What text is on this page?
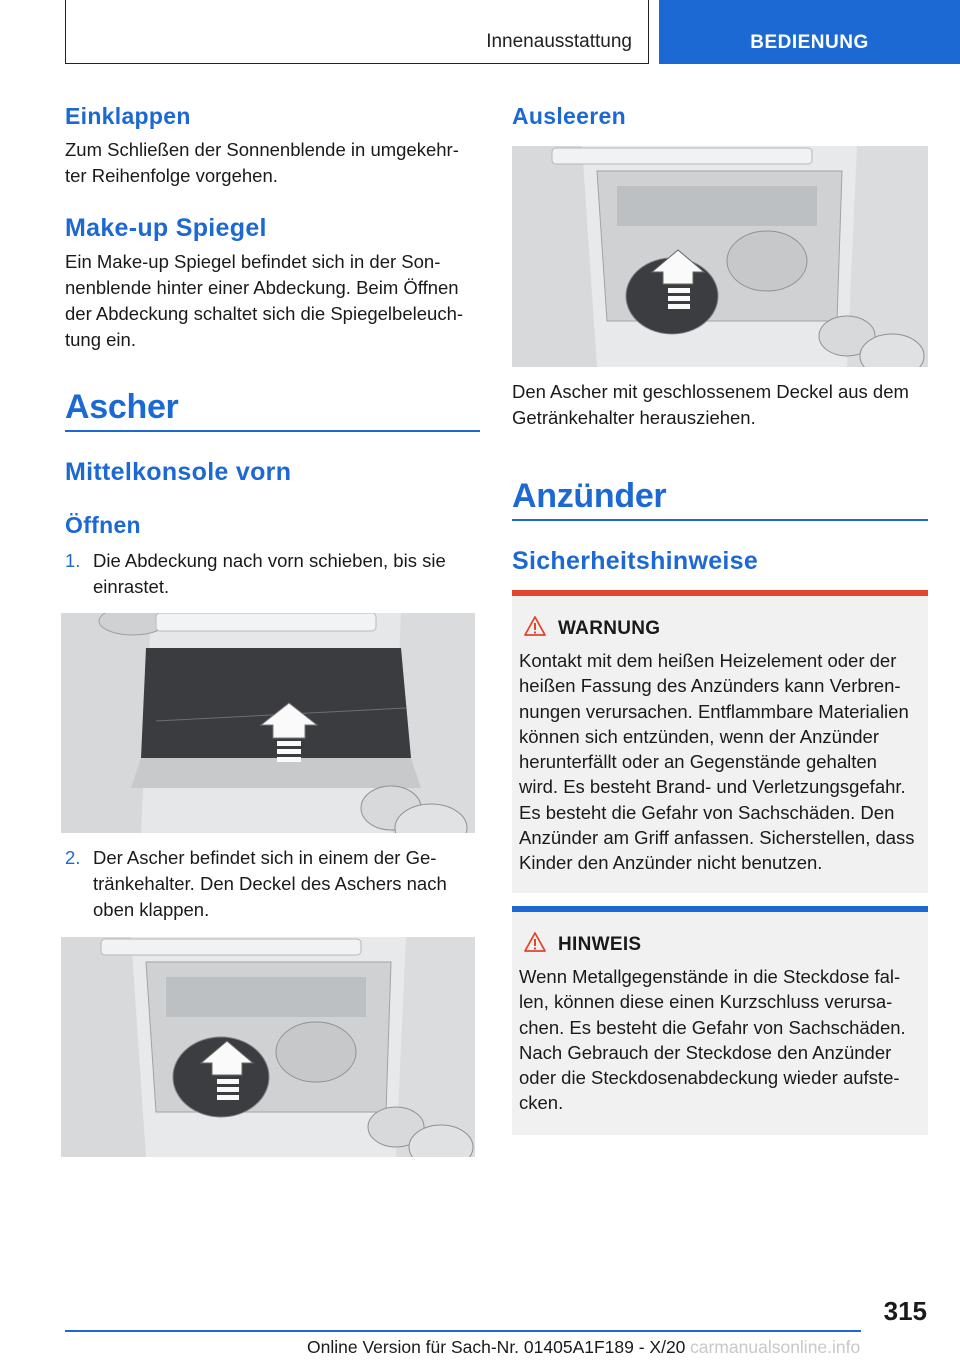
Innenausstattung	BEDIENUNG
Einklappen
Zum Schließen der Sonnenblende in umgekehr-
ter Reihenfolge vorgehen.
Make-up Spiegel
Ein Make-up Spiegel befindet sich in der Son-
nenblende hinter einer Abdeckung. Beim Öffnen
der Abdeckung schaltet sich die Spiegelbeleuch-
tung ein.
Ascher
Mittelkonsole vorn
Öffnen
1. Die Abdeckung nach vorn schieben, bis sie
einrastet.
2. Der Ascher befindet sich in einem der Ge-
tränkehalter. Den Deckel des Aschers nach
oben klappen.
Ausleeren
Den Ascher mit geschlossenem Deckel aus dem
Getränkehalter herausziehen.
Anzünder
Sicherheitshinweise
WARNUNG
Kontakt mit dem heißen Heizelement oder der
heißen Fassung des Anzünders kann Verbren-
nungen verursachen. Entflammbare Materialien
können sich entzünden, wenn der Anzünder
herunterfällt oder an Gegenstände gehalten
wird. Es besteht Brand- und Verletzungsgefahr.
Es besteht die Gefahr von Sachschäden. Den
Anzünder am Griff anfassen. Sicherstellen, dass
Kinder den Anzünder nicht benutzen.
HINWEIS
Wenn Metallgegenstände in die Steckdose fal-
len, können diese einen Kurzschluss verursa-
chen. Es besteht die Gefahr von Sachschäden.
Nach Gebrauch der Steckdose den Anzünder
oder die Steckdosenabdeckung wieder aufste-
cken.
315
Online Version für Sach-Nr. 01405A1F189 - X/20 carmanualsonline.info
